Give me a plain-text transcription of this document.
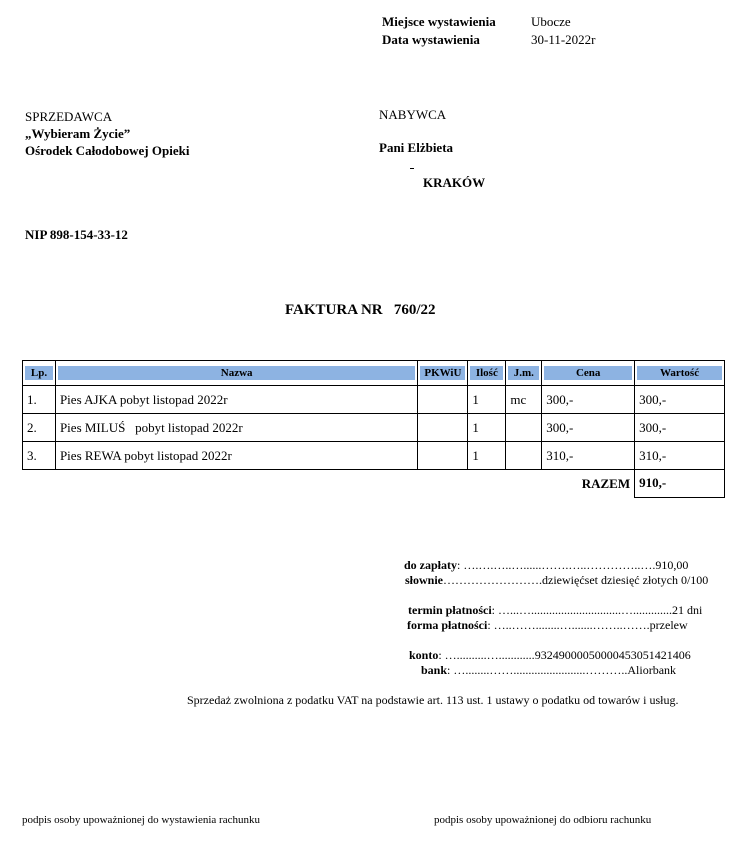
Miejsce wystawienia	Ubocze
Data wystawienia	30-11-2022r
SPRZEDAWCA
„Wybieram Życie”
Ośrodek Całodobowej Opieki
NIP 898-154-33-12
NABYWCA
Pani Elżbieta
KRAKÓW
FAKTURA NR   760/22
Lp.	Nazwa	PKWiU	Ilość	J.m.	Cena	Wartość

1.	Pies AJKA pobyt listopad 2022r		1	mc	300,-	300,-
2.	Pies MILUŚ   pobyt listopad 2022r		1		300,-	300,-
3.	Pies REWA pobyt listopad 2022r		1		310,-	310,-
RAZEM						910,-
do zapłaty: ….….…..…......…….…..…………..….910,00
słownie…………………….dziewięćset dziesięć złotych 0/100
termin płatności: …...…..............................….............21 dni
forma płatności: …..……........….......……..…….przelew
konto: …..........…............93249000050000453051421406
bank: …........……........................………..Aliorbank
Sprzedaż zwolniona z podatku VAT na podstawie art. 113 ust. 1 ustawy o podatku od towarów i usług.
podpis osoby upoważnionej do wystawienia rachunku	podpis osoby upoważnionej do odbioru rachunku
